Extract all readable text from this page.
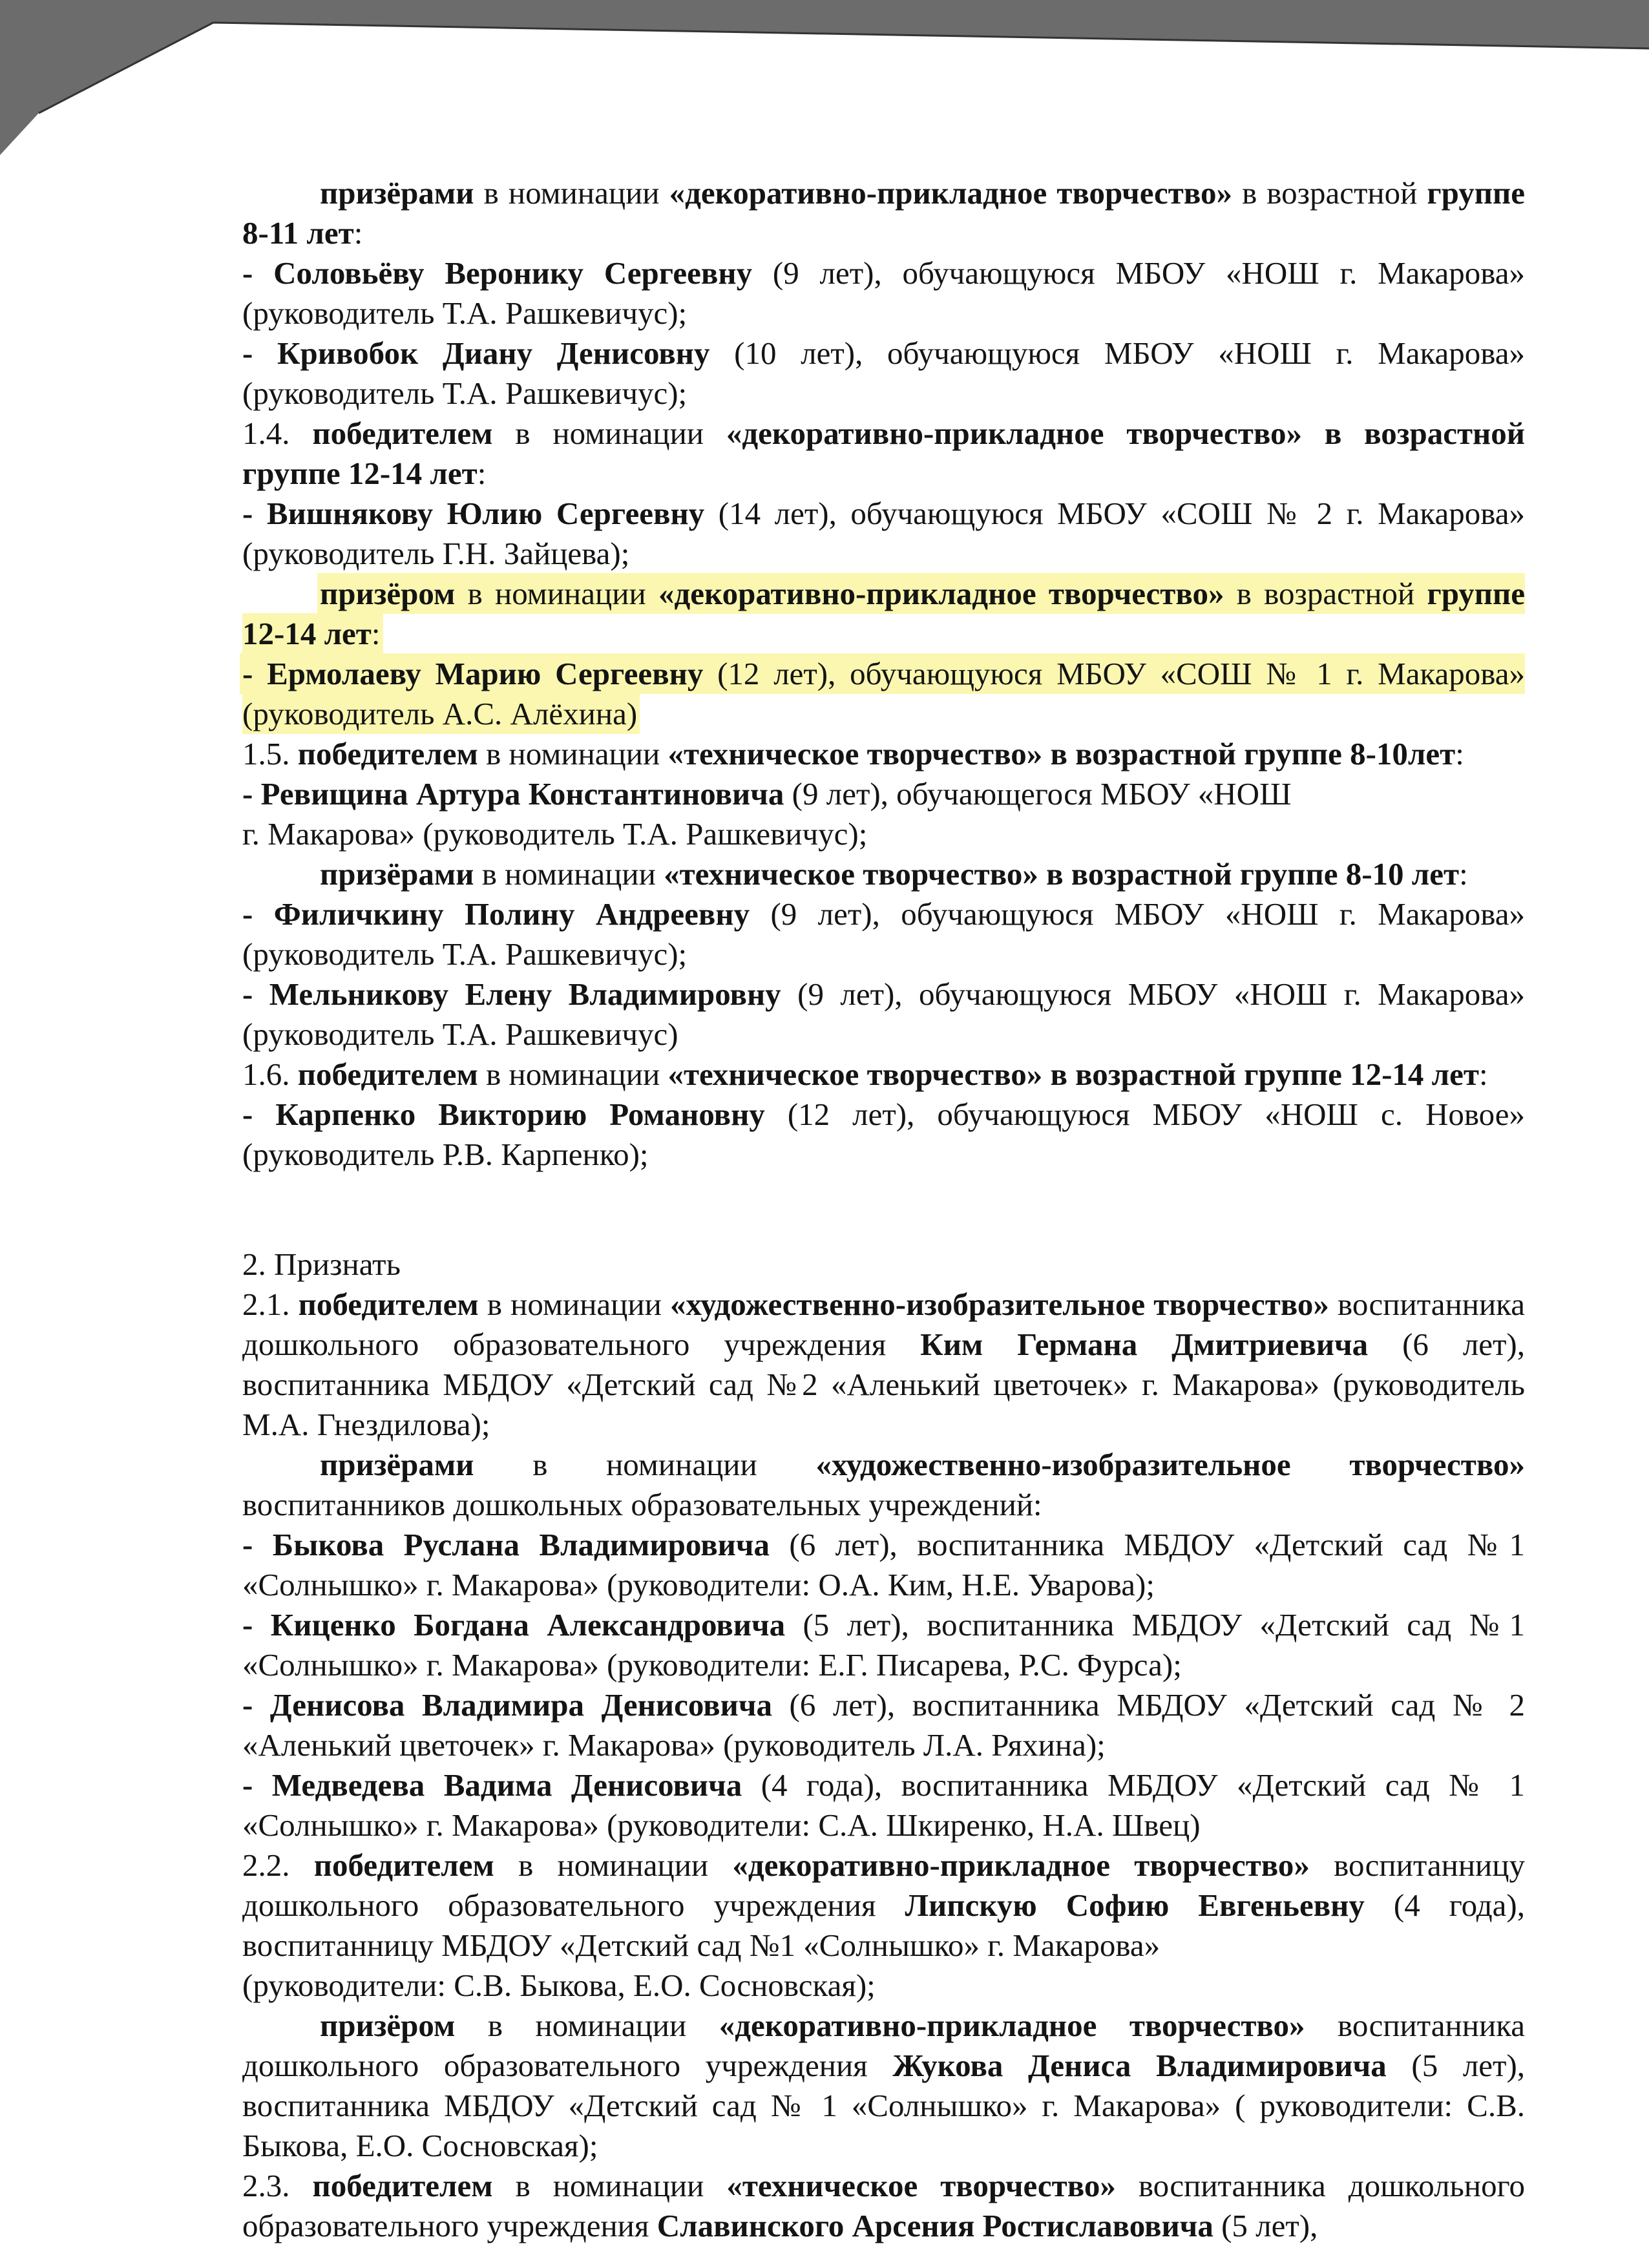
призёрами в номинации «декоративно-прикладное творчество» в возрастной группе 8-11 лет:

- Соловьёву Веронику Сергеевну (9 лет), обучающуюся МБОУ «НОШ г. Макарова» (руководитель Т.А. Рашкевичус);

- Кривобок Диану Денисовну (10 лет), обучающуюся МБОУ «НОШ г. Макарова» (руководитель Т.А. Рашкевичус);

1.4. победителем в номинации «декоративно-прикладное творчество» в возрастной группе 12-14 лет:

- Вишнякову Юлию Сергеевну (14 лет), обучающуюся МБОУ «СОШ № 2 г. Макарова» (руководитель Г.Н. Зайцева);

призёром в номинации «декоративно-прикладное творчество» в возрастной группе 12-14 лет:

- Ермолаеву Марию Сергеевну (12 лет), обучающуюся МБОУ «СОШ № 1 г. Макарова» (руководитель А.С. Алёхина)

1.5. победителем в номинации «техническое творчество» в возрастной группе 8-10лет:

- Ревищина Артура Константиновича (9 лет), обучающегося МБОУ «НОШ
г. Макарова» (руководитель Т.А. Рашкевичус);

призёрами в номинации «техническое творчество» в возрастной группе 8-10 лет:

- Филичкину Полину Андреевну (9 лет), обучающуюся МБОУ «НОШ г. Макарова» (руководитель Т.А. Рашкевичус);

- Мельникову Елену Владимировну (9 лет), обучающуюся МБОУ «НОШ г. Макарова» (руководитель Т.А. Рашкевичус)

1.6. победителем в номинации «техническое творчество» в возрастной группе 12-14 лет:

- Карпенко Викторию Романовну (12 лет), обучающуюся МБОУ «НОШ с. Новое» (руководитель Р.В. Карпенко);

2. Признать

2.1. победителем в номинации «художественно-изобразительное творчество» воспитанника дошкольного образовательного учреждения Ким Германа Дмитриевича (6 лет), воспитанника МБДОУ «Детский сад №2 «Аленький цветочек» г. Макарова» (руководитель М.А. Гнездилова);

призёрами в номинации «художественно-изобразительное творчество» воспитанников дошкольных образовательных учреждений:

- Быкова Руслана Владимировича (6 лет), воспитанника МБДОУ «Детский сад №1 «Солнышко» г. Макарова» (руководители: О.А. Ким, Н.Е. Уварова);

- Киценко Богдана Александровича (5 лет), воспитанника МБДОУ «Детский сад №1 «Солнышко» г. Макарова» (руководители: Е.Г. Писарева, Р.С. Фурса);

- Денисова Владимира Денисовича (6 лет), воспитанника МБДОУ «Детский сад № 2 «Аленький цветочек» г. Макарова» (руководитель Л.А. Ряхина);

- Медведева Вадима Денисовича (4 года), воспитанника МБДОУ «Детский сад № 1 «Солнышко» г. Макарова» (руководители: С.А. Шкиренко, Н.А. Швец)

2.2. победителем в номинации «декоративно-прикладное творчество» воспитанницу дошкольного образовательного учреждения Липскую Софию Евгеньевну (4 года), воспитанницу МБДОУ «Детский сад №1 «Солнышко» г. Макарова»
(руководители: С.В. Быкова, Е.О. Сосновская);

призёром в номинации «декоративно-прикладное творчество» воспитанника дошкольного образовательного учреждения Жукова Дениса Владимировича (5 лет), воспитанника МБДОУ «Детский сад № 1 «Солнышко» г. Макарова» ( руководители: С.В. Быкова, Е.О. Сосновская);

2.3. победителем в номинации «техническое творчество» воспитанника дошкольного образовательного учреждения Славинского Арсения Ростиславовича (5 лет),
